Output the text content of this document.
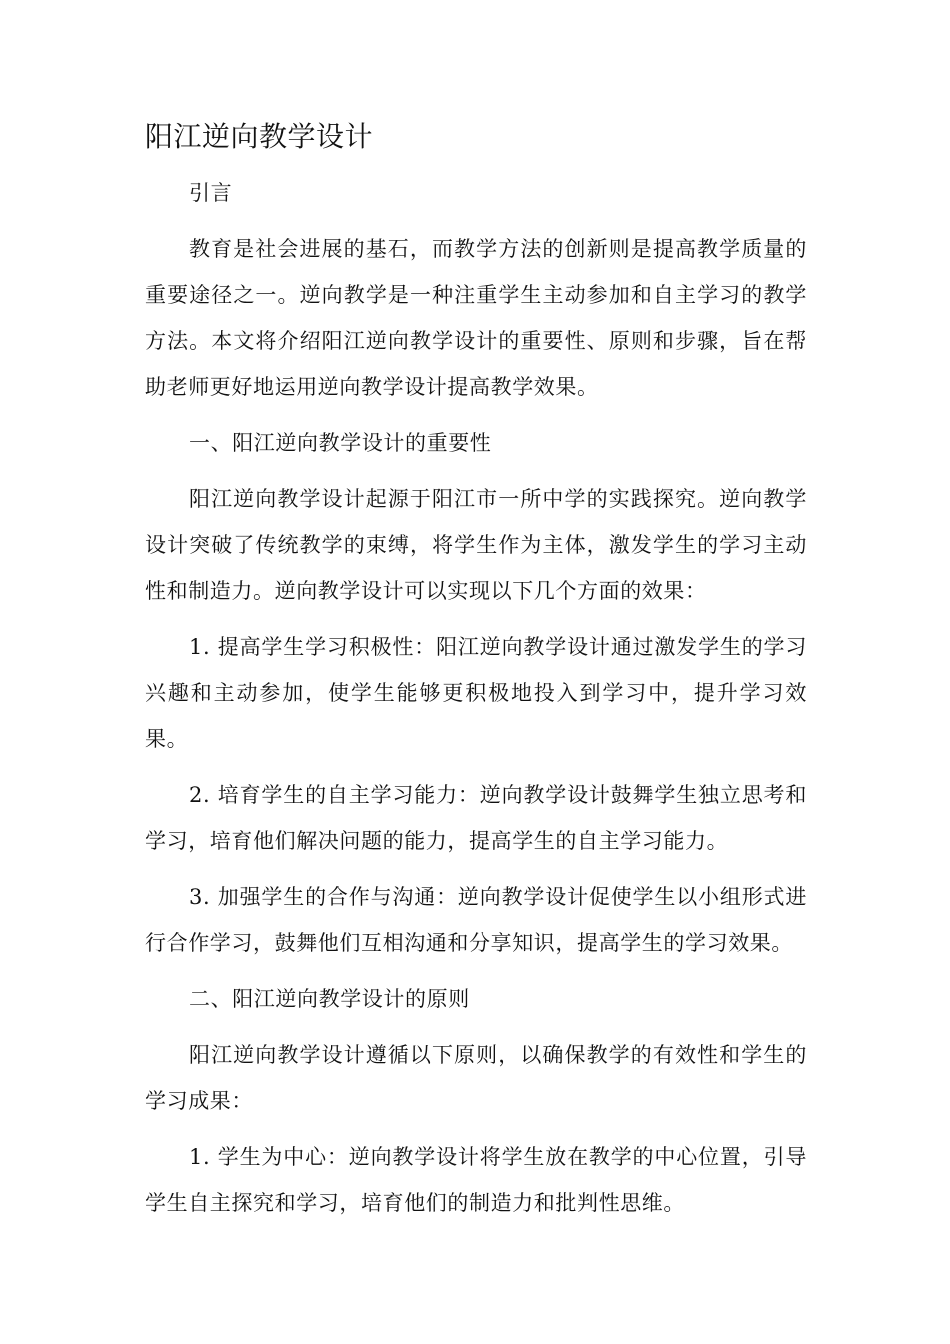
阳江逆向教学设计

引言

教育是社会进展的基石，而教学方法的创新则是提高教学质量的重要途径之一。逆向教学是一种注重学生主动参加和自主学习的教学方法。本文将介绍阳江逆向教学设计的重要性、原则和步骤，旨在帮助老师更好地运用逆向教学设计提高教学效果。

一、阳江逆向教学设计的重要性

阳江逆向教学设计起源于阳江市一所中学的实践探究。逆向教学设计突破了传统教学的束缚，将学生作为主体，激发学生的学习主动性和制造力。逆向教学设计可以实现以下几个方面的效果：

1. 提高学生学习积极性：阳江逆向教学设计通过激发学生的学习兴趣和主动参加，使学生能够更积极地投入到学习中，提升学习效果。

2. 培育学生的自主学习能力：逆向教学设计鼓舞学生独立思考和学习，培育他们解决问题的能力，提高学生的自主学习能力。

3. 加强学生的合作与沟通：逆向教学设计促使学生以小组形式进行合作学习，鼓舞他们互相沟通和分享知识，提高学生的学习效果。

二、阳江逆向教学设计的原则

阳江逆向教学设计遵循以下原则，以确保教学的有效性和学生的学习成果：

1. 学生为中心：逆向教学设计将学生放在教学的中心位置，引导学生自主探究和学习，培育他们的制造力和批判性思维。
